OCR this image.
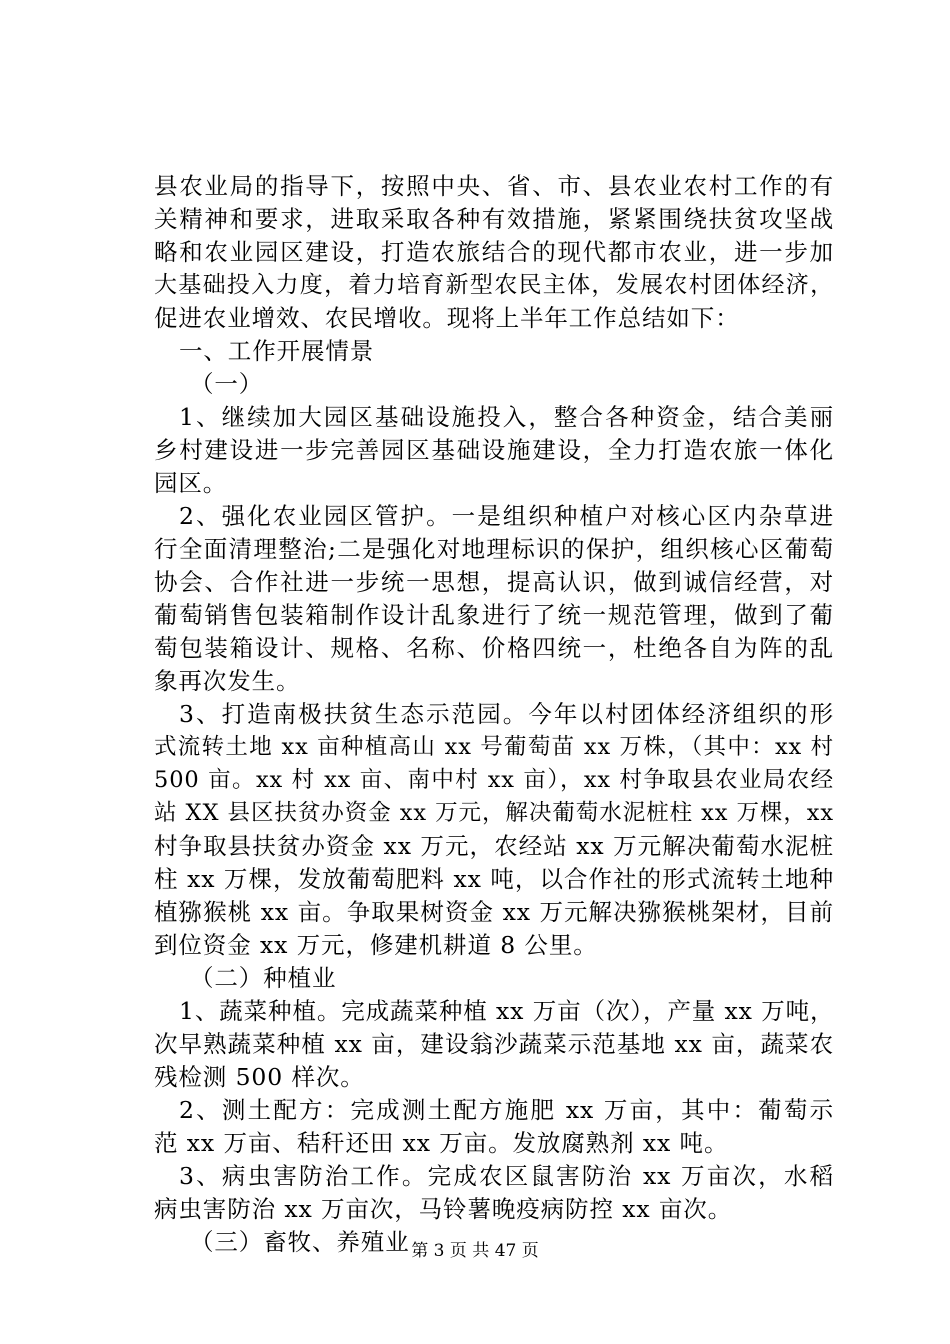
县农业局的指导下，按照中央、省、市、县农业农村工作的有
关精神和要求，进取采取各种有效措施，紧紧围绕扶贫攻坚战
略和农业园区建设，打造农旅结合的现代都市农业，进一步加
大基础投入力度，着力培育新型农民主体，发展农村团体经济，
促进农业增效、农民增收。现将上半年工作总结如下：
一、工作开展情景
（一）
1、继续加大园区基础设施投入，整合各种资金，结合美丽
乡村建设进一步完善园区基础设施建设，全力打造农旅一体化
园区。
2、强化农业园区管护。一是组织种植户对核心区内杂草进
行全面清理整治;二是强化对地理标识的保护，组织核心区葡萄
协会、合作社进一步统一思想，提高认识，做到诚信经营，对
葡萄销售包装箱制作设计乱象进行了统一规范管理，做到了葡
萄包装箱设计、规格、名称、价格四统一，杜绝各自为阵的乱
象再次发生。
3、打造南极扶贫生态示范园。今年以村团体经济组织的形
式流转土地 xx 亩种植高山 xx 号葡萄苗 xx 万株，（其中：xx 村
500 亩。xx 村 xx 亩、南中村 xx 亩），xx 村争取县农业局农经
站 XX 县区扶贫办资金 xx 万元，解决葡萄水泥桩柱 xx 万棵，xx
村争取县扶贫办资金 xx 万元，农经站 xx 万元解决葡萄水泥桩
柱 xx 万棵，发放葡萄肥料 xx 吨，以合作社的形式流转土地种
植猕猴桃 xx 亩。争取果树资金 xx 万元解决猕猴桃架材，目前
到位资金 xx 万元，修建机耕道 8 公里。
（二）种植业
1、蔬菜种植。完成蔬菜种植 xx 万亩（次），产量 xx 万吨，
次早熟蔬菜种植 xx 亩，建设翁沙蔬菜示范基地 xx 亩，蔬菜农
残检测 500 样次。
2、测土配方：完成测土配方施肥 xx 万亩，其中：葡萄示
范 xx 万亩、秸秆还田 xx 万亩。发放腐熟剂 xx 吨。
3、病虫害防治工作。完成农区鼠害防治 xx 万亩次，水稻
病虫害防治 xx 万亩次，马铃薯晚疫病防控 xx 亩次。
（三）畜牧、养殖业 第 3 页 共 47 页
